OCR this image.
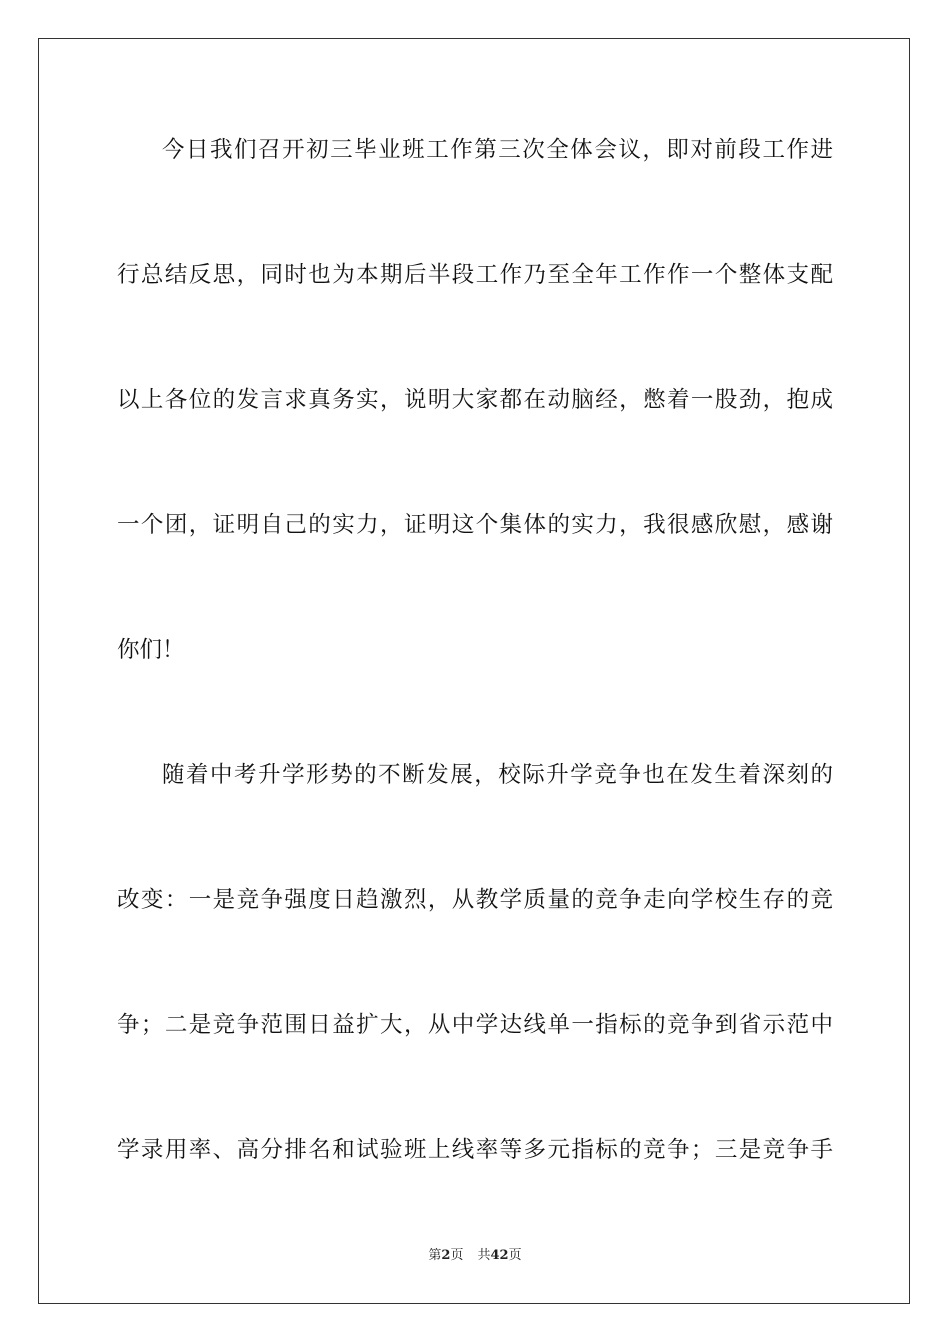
今日我们召开初三毕业班工作第三次全体会议，即对前段工作进
行总结反思，同时也为本期后半段工作乃至全年工作作一个整体支配
以上各位的发言求真务实，说明大家都在动脑经，憋着一股劲，抱成
一个团，证明自己的实力，证明这个集体的实力，我很感欣慰，感谢
你们！
随着中考升学形势的不断发展，校际升学竞争也在发生着深刻的
改变：一是竞争强度日趋激烈，从教学质量的竞争走向学校生存的竞
争；二是竞争范围日益扩大，从中学达线单一指标的竞争到省示范中
学录用率、高分排名和试验班上线率等多元指标的竞争；三是竞争手
第2页 共42页
